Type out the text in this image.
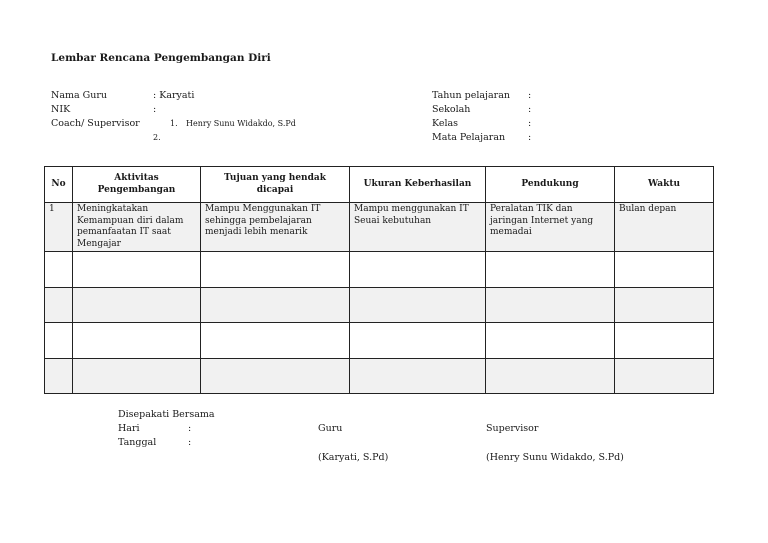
Lembar Rencana Pengembangan Diri
Nama Guru	: Karyati
NIK	:
Coach/ Supervisor	1. Henry Sunu Widakdo, S.Pd
2.
Tahun pelajaran :
Sekolah	:
Kelas	:
Mata Pelajaran :
No	Aktivitas Pengembangan	Tujuan yang hendak dicapai	Ukuran Keberhasilan	Pendukung	Waktu
1	Meningkatakan Kemampuan diri dalam pemanfaatan IT saat Mengajar	Mampu Menggunakan IT sehingga pembelajaran menjadi lebih menarik	Mampu menggunakan IT Seuai kebutuhan	Peralatan TIK dan jaringan Internet yang memadai	Bulan depan

Disepakati Bersama
Hari	:
Tanggal	:
Guru	Supervisor
(Karyati, S.Pd)	(Henry Sunu Widakdo, S.Pd)
